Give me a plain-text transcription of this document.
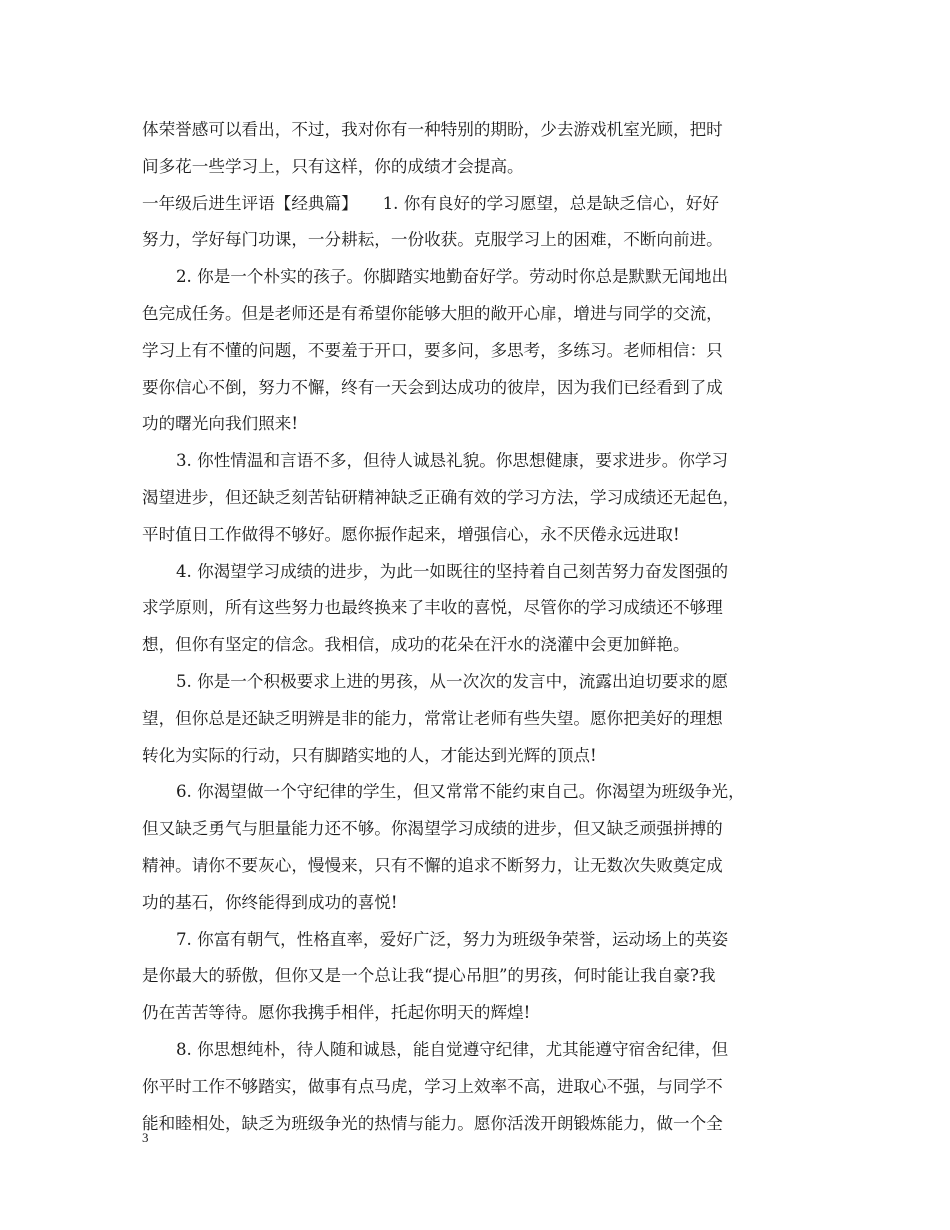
体荣誉感可以看出，不过，我对你有一种特别的期盼，少去游戏机室光顾，把时
间多花一些学习上，只有这样，你的成绩才会提高。
一年级后进生评语【经典篇】　　1. 你有良好的学习愿望，总是缺乏信心，好好
努力，学好每门功课，一分耕耘，一份收获。克服学习上的困难，不断向前进。
2. 你是一个朴实的孩子。你脚踏实地勤奋好学。劳动时你总是默默无闻地出
色完成任务。但是老师还是有希望你能够大胆的敞开心扉，增进与同学的交流，
学习上有不懂的问题，不要羞于开口，要多问，多思考，多练习。老师相信：只
要你信心不倒，努力不懈，终有一天会到达成功的彼岸，因为我们已经看到了成
功的曙光向我们照来!
3. 你性情温和言语不多，但待人诚恳礼貌。你思想健康，要求进步。你学习
渴望进步，但还缺乏刻苦钻研精神缺乏正确有效的学习方法，学习成绩还无起色，
平时值日工作做得不够好。愿你振作起来，增强信心，永不厌倦永远进取!
4. 你渴望学习成绩的进步，为此一如既往的坚持着自己刻苦努力奋发图强的
求学原则，所有这些努力也最终换来了丰收的喜悦，尽管你的学习成绩还不够理
想，但你有坚定的信念。我相信，成功的花朵在汗水的浇灌中会更加鲜艳。
5. 你是一个积极要求上进的男孩，从一次次的发言中，流露出迫切要求的愿
望，但你总是还缺乏明辨是非的能力，常常让老师有些失望。愿你把美好的理想
转化为实际的行动，只有脚踏实地的人，才能达到光辉的顶点!
6. 你渴望做一个守纪律的学生，但又常常不能约束自己。你渴望为班级争光，
但又缺乏勇气与胆量能力还不够。你渴望学习成绩的进步，但又缺乏顽强拼搏的
精神。请你不要灰心，慢慢来，只有不懈的追求不断努力，让无数次失败奠定成
功的基石，你终能得到成功的喜悦!
7. 你富有朝气，性格直率，爱好广泛，努力为班级争荣誉，运动场上的英姿
是你最大的骄傲，但你又是一个总让我“提心吊胆”的男孩，何时能让我自豪?我
仍在苦苦等待。愿你我携手相伴，托起你明天的辉煌!
8. 你思想纯朴，待人随和诚恳，能自觉遵守纪律，尤其能遵守宿舍纪律，但
你平时工作不够踏实，做事有点马虎，学习上效率不高，进取心不强，与同学不
能和睦相处，缺乏为班级争光的热情与能力。愿你活泼开朗锻炼能力，做一个全
3
